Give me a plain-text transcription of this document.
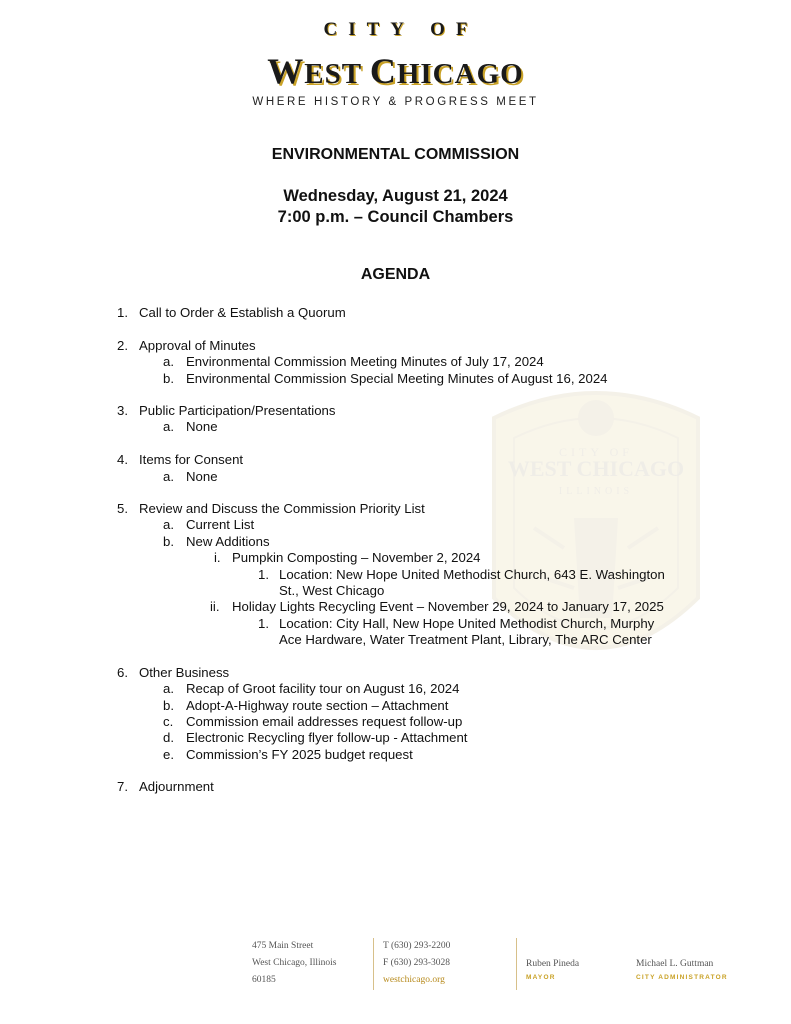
CITY OF
WEST CHICAGO
ILLINOIS
CITY OF
WEST CHICAGO
WHERE HISTORY & PROGRESS MEET
ENVIRONMENTAL COMMISSION
Wednesday, August 21, 2024
7:00 p.m. – Council Chambers
AGENDA
1. Call to Order & Establish a Quorum
2. Approval of Minutes
a. Environmental Commission Meeting Minutes of July 17, 2024
b. Environmental Commission Special Meeting Minutes of August 16, 2024
3. Public Participation/Presentations
a. None
4. Items for Consent
a. None
5. Review and Discuss the Commission Priority List
a. Current List
b. New Additions
i. Pumpkin Composting – November 2, 2024
1. Location: New Hope United Methodist Church, 643 E. Washington
St., West Chicago
ii. Holiday Lights Recycling Event – November 29, 2024 to January 17, 2025
1. Location: City Hall, New Hope United Methodist Church, Murphy
Ace Hardware, Water Treatment Plant, Library, The ARC Center
6. Other Business
a. Recap of Groot facility tour on August 16, 2024
b. Adopt-A-Highway route section – Attachment
c. Commission email addresses request follow-up
d. Electronic Recycling flyer follow-up - Attachment
e. Commission’s FY 2025 budget request
7. Adjournment
475 Main Street
West Chicago, Illinois
60185
T (630) 293-2200
F (630) 293-3028
westchicago.org
Ruben Pineda
MAYOR
Michael L. Guttman
CITY ADMINISTRATOR
